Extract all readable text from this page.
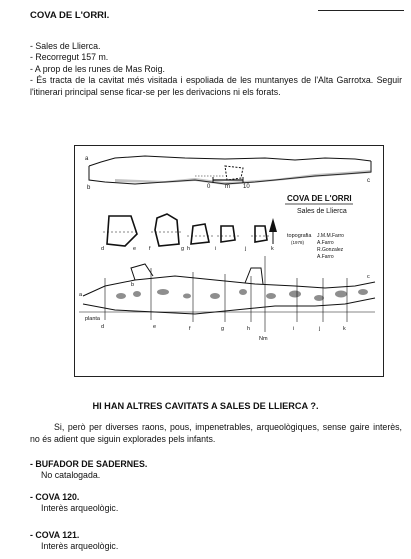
COVA DE L'ORRI.
- Sales de Llierca.
- Recorregut 157 m.
- A prop de les runes de Mas Roig.
- És tracta de la cavitat més visitada i espoliada de les muntanyes de l'Alta Garrotxa. Seguir l'itinerari principal sense ficar-se per les derivacions ni els forats.
a
b
c
0 m 10
COVA DE L'ORRI
Sales de Llierca
d	e f	g h	i	j	k
topografia
(1978)
J.M.M.Farro
A.Farro
R.Gonzalez
A.Farro
a
b
c
d	e	f	g	h	i	j	k
planta
Nm
HI HAN ALTRES CAVITATS A SALES DE LLIERCA ?.
Si, però per diverses raons, pous, impenetrables, arqueològiques, sense gaire interès, no és adient que siguin explorades pels infants.
- BUFADOR DE SADERNES.
No catalogada.
- COVA 120.
Interès arqueològic.
- COVA 121.
Interès arqueològic.
